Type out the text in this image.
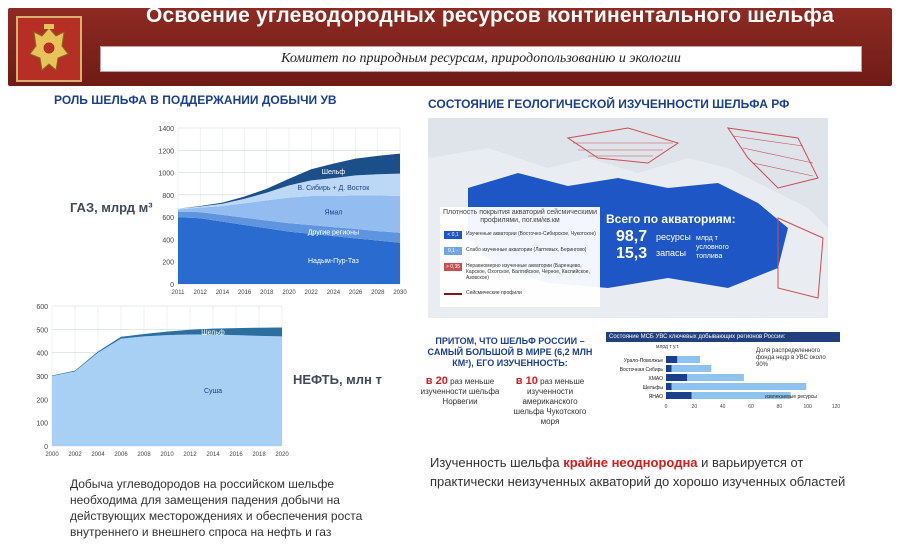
Освоение углеводородных ресурсов континентального шельфа
Комитет по природным ресурсам, природопользованию и экологии
РОЛЬ ШЕЛЬФА В ПОДДЕРЖАНИИ ДОБЫЧИ УВ
ГАЗ, млрд м³
НЕФТЬ, млн т
0
200
400
600
800
1000
1200
1400
2011 2012 2014 2016 2018 2020 2022 2024 2026 2028 2030
Надым-Пур-Таз
Другие регионы
Ямал
В. Сибирь + Д. Восток
Шельф
0
100
200
300
400
500
600
2000 2002 2004 2006 2008 2010 2012 2014 2016 2018 2020
Суша
Шельф
Добыча углеводородов на российском шельфе необходима для замещения падения добычи на действующих месторождениях и обеспечения роста внутреннего и внешнего спроса на нефть и газ
СОСТОЯНИЕ ГЕОЛОГИЧЕСКОЙ ИЗУЧЕННОСТИ ШЕЛЬФА РФ
Плотность покрытия акваторий сейсмическими профилями, пог.км/кв.км
< 0,1	Изученные акватории (Восточно-Сибирское, Чукотское)
0,1 - 0,35
Слабо изученные акватории (Лаптевых, Берингово)
> 0,35	Неравномерно изученные акватории (Баренцево, Карское, Охотское, Балтийское, Черное, Каспийское, Азовское)
Сейсмические профили
Всего по акваториям:
98,7 ресурсы
15,3 запасы
млрд т условного топлива
ПРИТОМ, ЧТО ШЕЛЬФ РОССИИ – САМЫЙ БОЛЬШОЙ В МИРЕ (6,2 МЛН КМ²), ЕГО ИЗУЧЕННОСТЬ:
в 20 раз меньше изученности шельфа Норвегии
в 10 раз меньше изученности американского шельфа Чукотского моря
Состояние МСБ УВС ключевых добывающих регионов России:
млрд т у.т.
Доля распределенного фонда недр в УВС около 90%
Урало-Поволжье
Восточная Сибирь
ХМАО
Шельфы
ЯНАО
0	20	40	60	80	100	120
извлекаемые ресурсы
Изученность шельфа крайне неоднородна и варьируется от практически неизученных акваторий до хорошо изученных областей
